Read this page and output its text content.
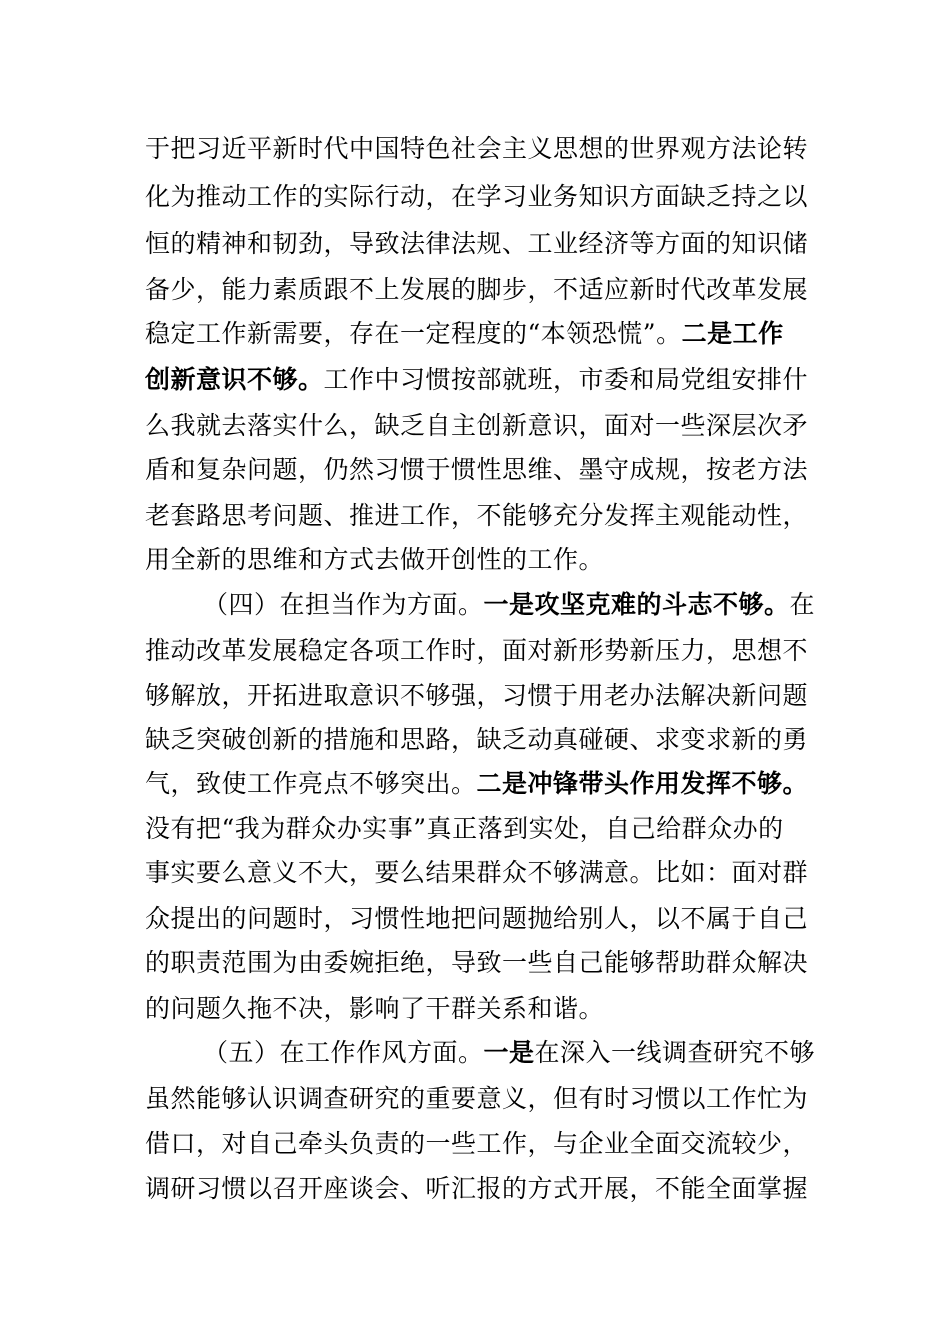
于把习近平新时代中国特色社会主义思想的世界观方法论转
化为推动工作的实际行动，在学习业务知识方面缺乏持之以
恒的精神和韧劲，导致法律法规、工业经济等方面的知识储
备少，能力素质跟不上发展的脚步，不适应新时代改革发展
稳定工作新需要，存在一定程度的“本领恐慌”。二是工作
创新意识不够。工作中习惯按部就班，市委和局党组安排什
么我就去落实什么，缺乏自主创新意识，面对一些深层次矛
盾和复杂问题，仍然习惯于惯性思维、墨守成规，按老方法
老套路思考问题、推进工作，不能够充分发挥主观能动性，
用全新的思维和方式去做开创性的工作。
（四）在担当作为方面。一是攻坚克难的斗志不够。在
推动改革发展稳定各项工作时，面对新形势新压力，思想不
够解放，开拓进取意识不够强，习惯于用老办法解决新问题
缺乏突破创新的措施和思路，缺乏动真碰硬、求变求新的勇
气，致使工作亮点不够突出。二是冲锋带头作用发挥不够。
没有把“我为群众办实事”真正落到实处，自己给群众办的
事实要么意义不大，要么结果群众不够满意。比如：面对群
众提出的问题时，习惯性地把问题抛给别人，以不属于自己
的职责范围为由委婉拒绝，导致一些自己能够帮助群众解决
的问题久拖不决，影响了干群关系和谐。
（五）在工作作风方面。一是在深入一线调查研究不够
虽然能够认识调查研究的重要意义，但有时习惯以工作忙为
借口，对自己牵头负责的一些工作，与企业全面交流较少，
调研习惯以召开座谈会、听汇报的方式开展，不能全面掌握
